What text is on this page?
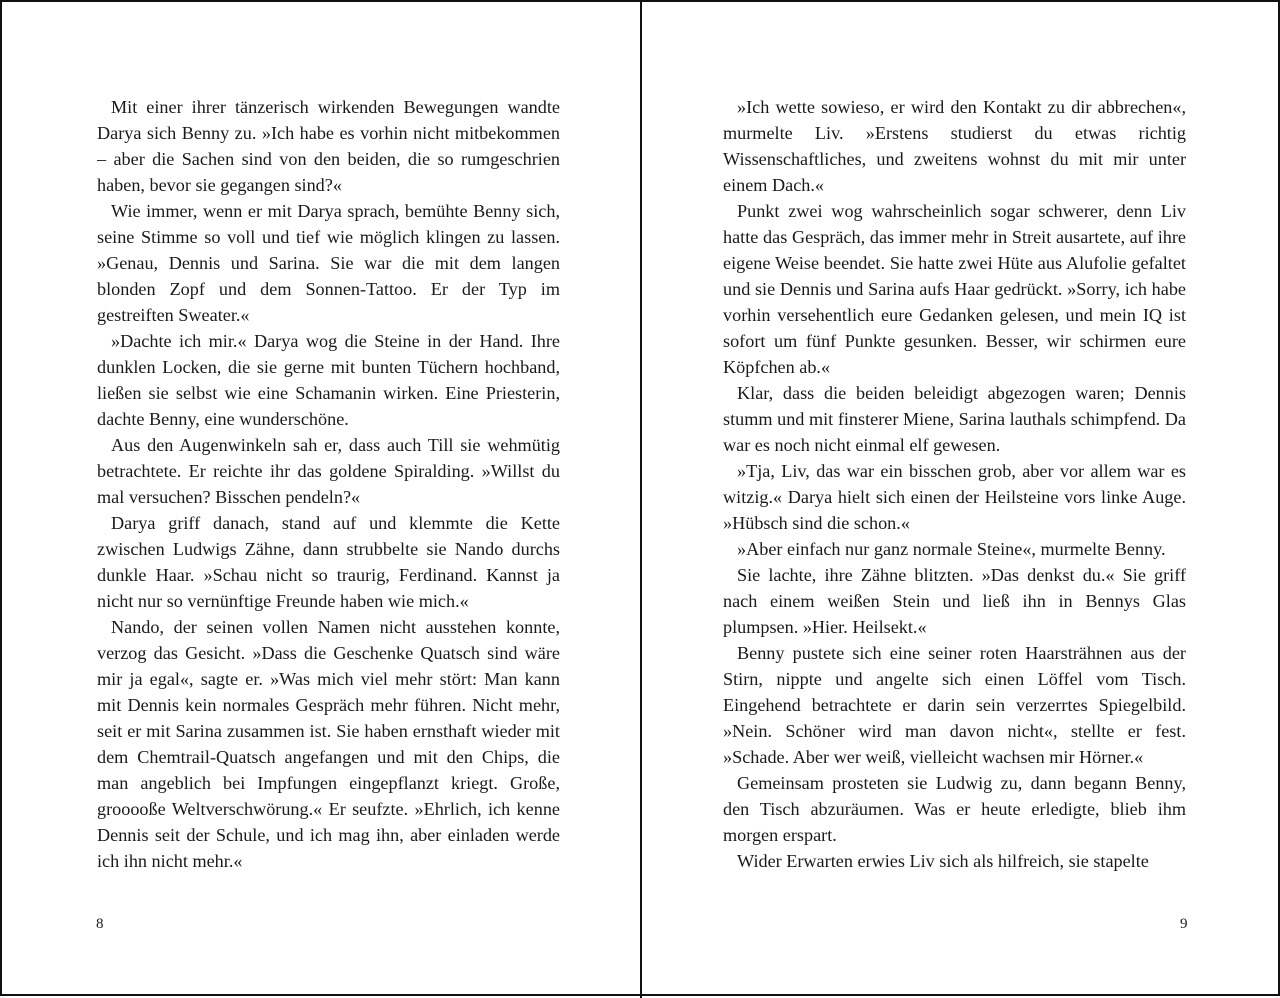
Mit einer ihrer tänzerisch wirkenden Bewegungen wandte Darya sich Benny zu. »Ich habe es vorhin nicht mitbekommen – aber die Sachen sind von den beiden, die so rumgeschrien haben, bevor sie gegangen sind?«

Wie immer, wenn er mit Darya sprach, bemühte Benny sich, seine Stimme so voll und tief wie möglich klingen zu lassen. »Genau, Dennis und Sarina. Sie war die mit dem langen blonden Zopf und dem Sonnen-Tattoo. Er der Typ im gestreiften Sweater.«

»Dachte ich mir.« Darya wog die Steine in der Hand. Ihre dunklen Locken, die sie gerne mit bunten Tüchern hochband, ließen sie selbst wie eine Schamanin wirken. Eine Priesterin, dachte Benny, eine wunderschöne.

Aus den Augenwinkeln sah er, dass auch Till sie wehmütig betrachtete. Er reichte ihr das goldene Spiralding. »Willst du mal versuchen? Bisschen pendeln?«

Darya griff danach, stand auf und klemmte die Kette zwischen Ludwigs Zähne, dann strubbelte sie Nando durchs dunkle Haar. »Schau nicht so traurig, Ferdinand. Kannst ja nicht nur so vernünftige Freunde haben wie mich.«

Nando, der seinen vollen Namen nicht ausstehen konnte, verzog das Gesicht. »Dass die Geschenke Quatsch sind wäre mir ja egal«, sagte er. »Was mich viel mehr stört: Man kann mit Dennis kein normales Gespräch mehr führen. Nicht mehr, seit er mit Sarina zusammen ist. Sie haben ernsthaft wieder mit dem Chemtrail-Quatsch angefangen und mit den Chips, die man angeblich bei Impfungen eingepflanzt kriegt. Große, grooooße Weltverschwörung.« Er seufzte. »Ehrlich, ich kenne Dennis seit der Schule, und ich mag ihn, aber einladen werde ich ihn nicht mehr.«

8

»Ich wette sowieso, er wird den Kontakt zu dir abbrechen«, murmelte Liv. »Erstens studierst du etwas richtig Wissenschaftliches, und zweitens wohnst du mit mir unter einem Dach.«

Punkt zwei wog wahrscheinlich sogar schwerer, denn Liv hatte das Gespräch, das immer mehr in Streit ausartete, auf ihre eigene Weise beendet. Sie hatte zwei Hüte aus Alufolie gefaltet und sie Dennis und Sarina aufs Haar gedrückt. »Sorry, ich habe vorhin versehentlich eure Gedanken gelesen, und mein IQ ist sofort um fünf Punkte gesunken. Besser, wir schirmen eure Köpfchen ab.«

Klar, dass die beiden beleidigt abgezogen waren; Dennis stumm und mit finsterer Miene, Sarina lauthals schimpfend. Da war es noch nicht einmal elf gewesen.

»Tja, Liv, das war ein bisschen grob, aber vor allem war es witzig.« Darya hielt sich einen der Heilsteine vors linke Auge. »Hübsch sind die schon.«

»Aber einfach nur ganz normale Steine«, murmelte Benny.

Sie lachte, ihre Zähne blitzten. »Das denkst du.« Sie griff nach einem weißen Stein und ließ ihn in Bennys Glas plumpsen. »Hier. Heilsekt.«

Benny pustete sich eine seiner roten Haarsträhnen aus der Stirn, nippte und angelte sich einen Löffel vom Tisch. Eingehend betrachtete er darin sein verzerrtes Spiegelbild. »Nein. Schöner wird man davon nicht«, stellte er fest. »Schade. Aber wer weiß, vielleicht wachsen mir Hörner.«

Gemeinsam prosteten sie Ludwig zu, dann begann Benny, den Tisch abzuräumen. Was er heute erledigte, blieb ihm morgen erspart.

Wider Erwarten erwies Liv sich als hilfreich, sie stapelte

9
